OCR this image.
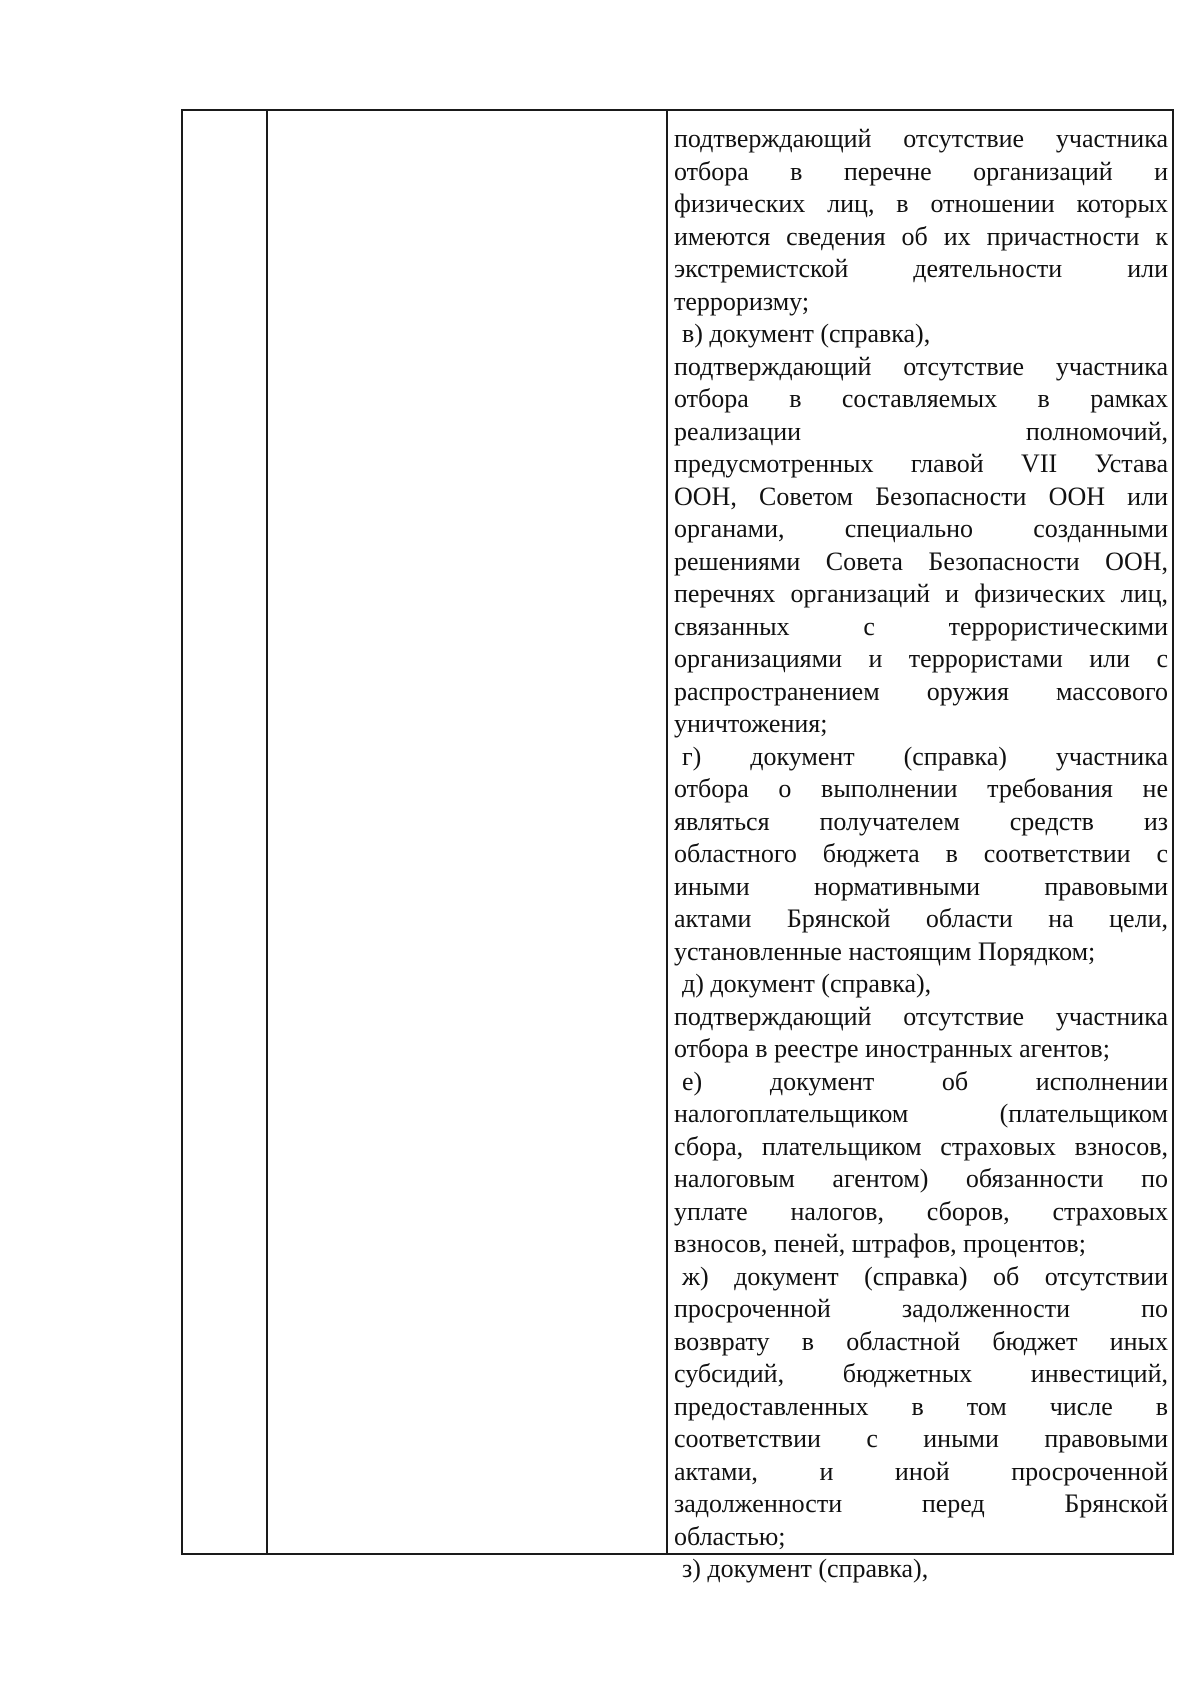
подтверждающий отсутствие участника
отбора в перечне организаций и
физических лиц, в отношении которых
имеются сведения об их причастности к
экстремистской деятельности или
терроризму;
в) документ (справка),
подтверждающий отсутствие участника
отбора в составляемых в рамках
реализации полномочий,
предусмотренных главой VII Устава
ООН, Советом Безопасности ООН или
органами, специально созданными
решениями Совета Безопасности ООН,
перечнях организаций и физических лиц,
связанных с террористическими
организациями и террористами или с
распространением оружия массового
уничтожения;
г) документ (справка) участника
отбора о выполнении требования не
являться получателем средств из
областного бюджета в соответствии с
иными нормативными правовыми
актами Брянской области на цели,
установленные настоящим Порядком;
д) документ (справка),
подтверждающий отсутствие участника
отбора в реестре иностранных агентов;
е) документ об исполнении
налогоплательщиком (плательщиком
сбора, плательщиком страховых взносов,
налоговым агентом) обязанности по
уплате налогов, сборов, страховых
взносов, пеней, штрафов, процентов;
ж) документ (справка) об отсутствии
просроченной задолженности по
возврату в областной бюджет иных
субсидий, бюджетных инвестиций,
предоставленных в том числе в
соответствии с иными правовыми
актами, и иной просроченной
задолженности перед Брянской
областью;
з) документ (справка),
